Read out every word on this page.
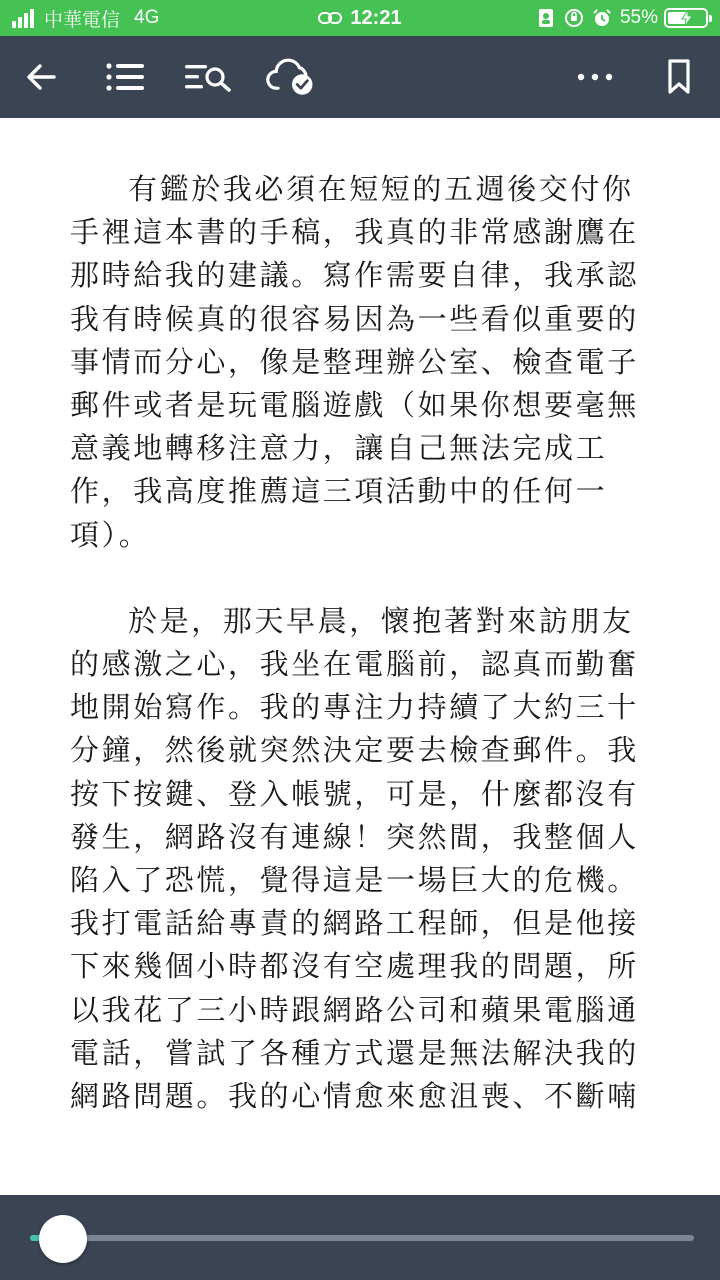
中華電信 4G	12:21	55%

有鑑於我必須在短短的五週後交付你手裡這本書的手稿，我真的非常感謝鷹在那時給我的建議。寫作需要自律，我承認我有時候真的很容易因為一些看似重要的事情而分心，像是整理辦公室、檢查電子郵件或者是玩電腦遊戲（如果你想要毫無意義地轉移注意力，讓自己無法完成工作，我高度推薦這三項活動中的任何一項）。

於是，那天早晨，懷抱著對來訪朋友的感激之心，我坐在電腦前，認真而勤奮地開始寫作。我的專注力持續了大約三十分鐘，然後就突然決定要去檢查郵件。我按下按鍵、登入帳號，可是，什麼都沒有發生，網路沒有連線！突然間，我整個人陷入了恐慌，覺得這是一場巨大的危機。我打電話給專責的網路工程師，但是他接下來幾個小時都沒有空處理我的問題，所以我花了三小時跟網路公司和蘋果電腦通電話，嘗試了各種方式還是無法解決我的網路問題。我的心情愈來愈沮喪、不斷喃
